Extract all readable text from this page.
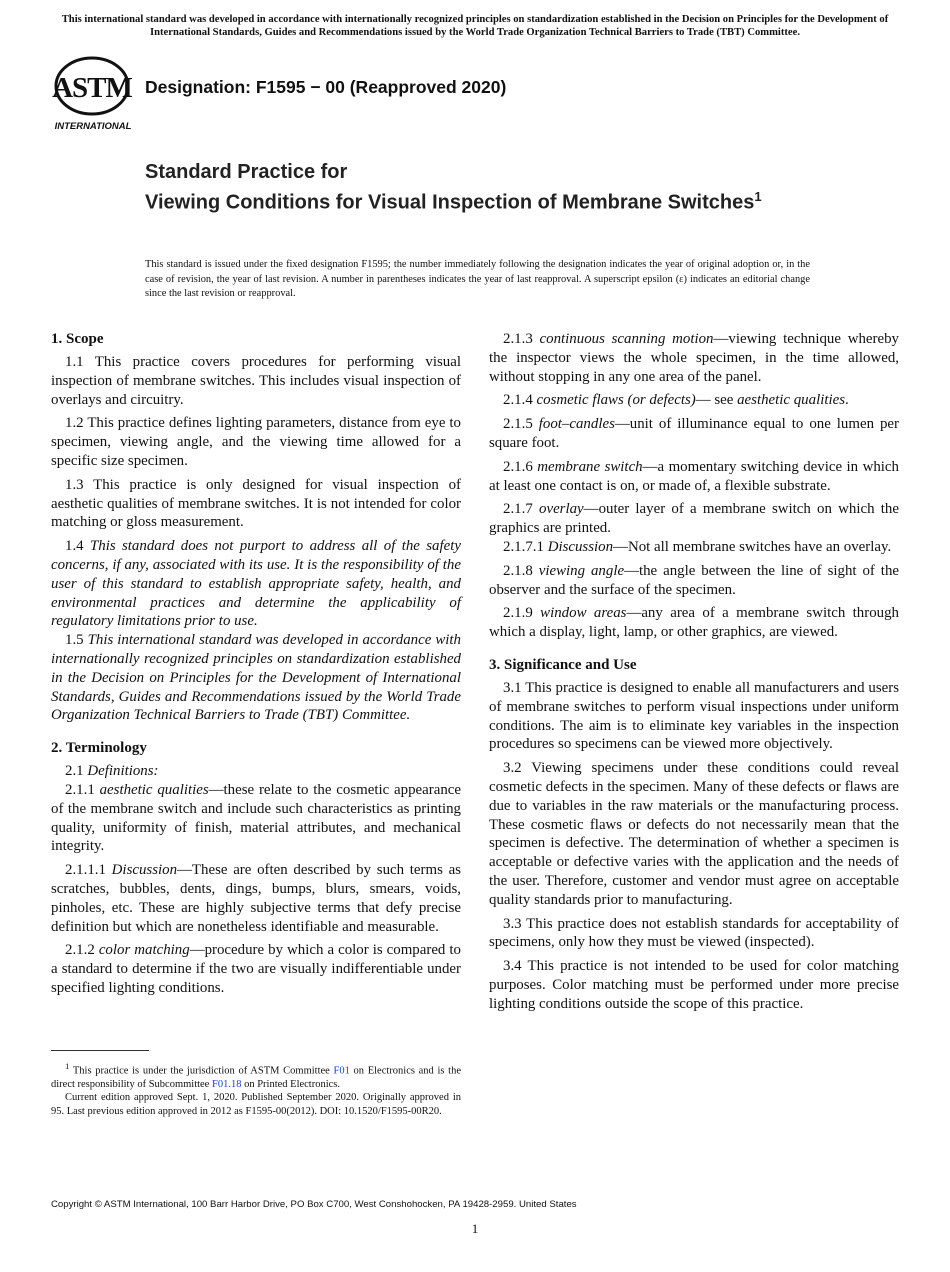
This international standard was developed in accordance with internationally recognized principles on standardization established in the Decision on Principles for the Development of International Standards, Guides and Recommendations issued by the World Trade Organization Technical Barriers to Trade (TBT) Committee.
ASTM
INTERNATIONAL
Designation: F1595 − 00 (Reapproved 2020)
Standard Practice for
Viewing Conditions for Visual Inspection of Membrane Switches$^1$
This standard is issued under the fixed designation F1595; the number immediately following the designation indicates the year of original adoption or, in the case of revision, the year of last revision. A number in parentheses indicates the year of last reapproval. A superscript epsilon (ε) indicates an editorial change since the last revision or reapproval.
1. Scope

1.1 This practice covers procedures for performing visual inspection of membrane switches. This includes visual inspection of overlays and circuitry.

1.2 This practice defines lighting parameters, distance from eye to specimen, viewing angle, and the viewing time allowed for a specific size specimen.

1.3 This practice is only designed for visual inspection of aesthetic qualities of membrane switches. It is not intended for color matching or gloss measurement.

1.4 This standard does not purport to address all of the safety concerns, if any, associated with its use. It is the responsibility of the user of this standard to establish appropriate safety, health, and environmental practices and determine the applicability of regulatory limitations prior to use.

1.5 This international standard was developed in accordance with internationally recognized principles on standardization established in the Decision on Principles for the Development of International Standards, Guides and Recommendations issued by the World Trade Organization Technical Barriers to Trade (TBT) Committee.

2. Terminology

2.1 Definitions:

2.1.1 aesthetic qualities—these relate to the cosmetic appearance of the membrane switch and include such characteristics as printing quality, uniformity of finish, material attributes, and mechanical integrity.

2.1.1.1 Discussion—These are often described by such terms as scratches, bubbles, dents, dings, bumps, blurs, smears, voids, pinholes, etc. These are highly subjective terms that defy precise definition but which are nonetheless identifiable and measurable.

2.1.2 color matching—procedure by which a color is compared to a standard to determine if the two are visually indifferentiable under specified lighting conditions.

2.1.3 continuous scanning motion—viewing technique whereby the inspector views the whole specimen, in the time allowed, without stopping in any one area of the panel.

2.1.4 cosmetic flaws (or defects)— see aesthetic qualities.

2.1.5 foot–candles—unit of illuminance equal to one lumen per square foot.

2.1.6 membrane switch—a momentary switching device in which at least one contact is on, or made of, a flexible substrate.

2.1.7 overlay—outer layer of a membrane switch on which the graphics are printed.

2.1.7.1 Discussion—Not all membrane switches have an overlay.

2.1.8 viewing angle—the angle between the line of sight of the observer and the surface of the specimen.

2.1.9 window areas—any area of a membrane switch through which a display, light, lamp, or other graphics, are viewed.

3. Significance and Use

3.1 This practice is designed to enable all manufacturers and users of membrane switches to perform visual inspections under uniform conditions. The aim is to eliminate key variables in the inspection procedures so specimens can be viewed more objectively.

3.2 Viewing specimens under these conditions could reveal cosmetic defects in the specimen. Many of these defects or flaws are due to variables in the raw materials or the manufacturing process. These cosmetic flaws or defects do not necessarily mean that the specimen is defective. The determination of whether a specimen is acceptable or defective varies with the application and the needs of the user. Therefore, customer and vendor must agree on acceptable quality standards prior to manufacturing.

3.3 This practice does not establish standards for acceptability of specimens, only how they must be viewed (inspected).

3.4 This practice is not intended to be used for color matching purposes. Color matching must be performed under more precise lighting conditions outside the scope of this practice.

$^1$ This practice is under the jurisdiction of ASTM Committee F01 on Electronics and is the direct responsibility of Subcommittee F01.18 on Printed Electronics.

Current edition approved Sept. 1, 2020. Published September 2020. Originally approved in 95. Last previous edition approved in 2012 as F1595-00(2012). DOI: 10.1520/F1595-00R20.

Copyright © ASTM International, 100 Barr Harbor Drive, PO Box C700, West Conshohocken, PA 19428-2959. United States
1
